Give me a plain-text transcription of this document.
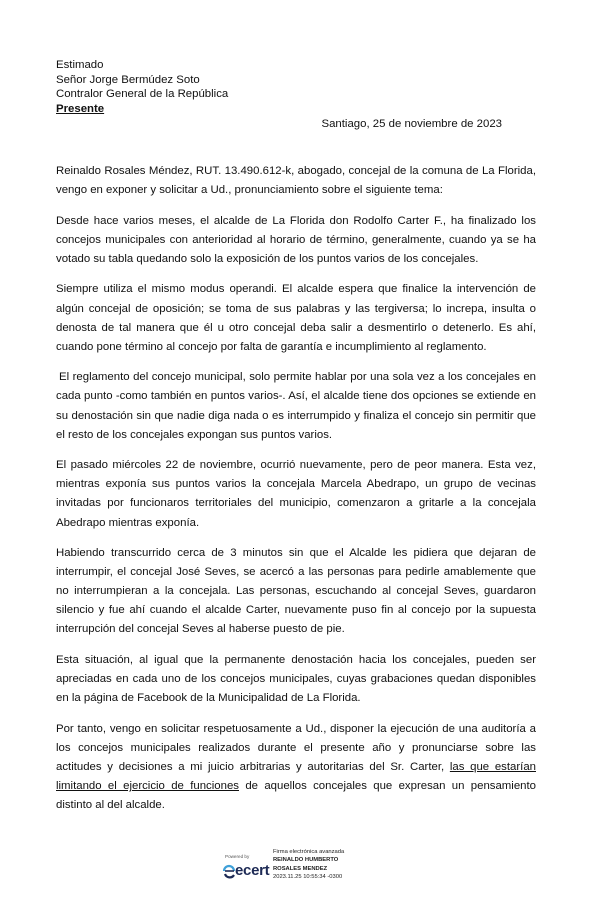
Estimado
Señor Jorge Bermúdez Soto
Contralor General de la República
Presente
Santiago, 25 de noviembre de 2023

Reinaldo Rosales Méndez, RUT. 13.490.612-k, abogado, concejal de la comuna de La Florida, vengo en exponer y solicitar a Ud., pronunciamiento sobre el siguiente tema:

Desde hace varios meses, el alcalde de La Florida don Rodolfo Carter F., ha finalizado los concejos municipales con anterioridad al horario de término, generalmente, cuando ya se ha votado su tabla quedando solo la exposición de los puntos varios de los concejales.

Siempre utiliza el mismo modus operandi. El alcalde espera que finalice la intervención de algún concejal de oposición; se toma de sus palabras y las tergiversa; lo increpa, insulta o denosta de tal manera que él u otro concejal deba salir a desmentirlo o detenerlo. Es ahí, cuando pone término al concejo por falta de garantía e incumplimiento al reglamento.

El reglamento del concejo municipal, solo permite hablar por una sola vez a los concejales en cada punto -como también en puntos varios-. Así, el alcalde tiene dos opciones se extiende en su denostación sin que nadie diga nada o es interrumpido y finaliza el concejo sin permitir que el resto de los concejales expongan sus puntos varios.

El pasado miércoles 22 de noviembre, ocurrió nuevamente, pero de peor manera. Esta vez, mientras exponía sus puntos varios la concejala Marcela Abedrapo, un grupo de vecinas invitadas por funcionaros territoriales del municipio, comenzaron a gritarle a la concejala Abedrapo mientras exponía.

Habiendo transcurrido cerca de 3 minutos sin que el Alcalde les pidiera que dejaran de interrumpir, el concejal José Seves, se acercó a las personas para pedirle amablemente que no interrumpieran a la concejala. Las personas, escuchando al concejal Seves, guardaron silencio y fue ahí cuando el alcalde Carter, nuevamente puso fin al concejo por la supuesta interrupción del concejal Seves al haberse puesto de pie.

Esta situación, al igual que la permanente denostación hacia los concejales, pueden ser apreciadas en cada uno de los concejos municipales, cuyas grabaciones quedan disponibles en la página de Facebook de la Municipalidad de La Florida.

Por tanto, vengo en solicitar respetuosamente a Ud., disponer la ejecución de una auditoría a los concejos municipales realizados durante el presente año y pronunciarse sobre las actitudes y decisiones a mi juicio arbitrarias y autoritarias del Sr. Carter, las que estarían limitando el ejercicio de funciones de aquellos concejales que expresan un pensamiento distinto al del alcalde.

Powered by
ecert
Firma electrónica avanzada
REINALDO HUMBERTO
ROSALES MENDEZ
2023.11.25 10:55:34 -0300
